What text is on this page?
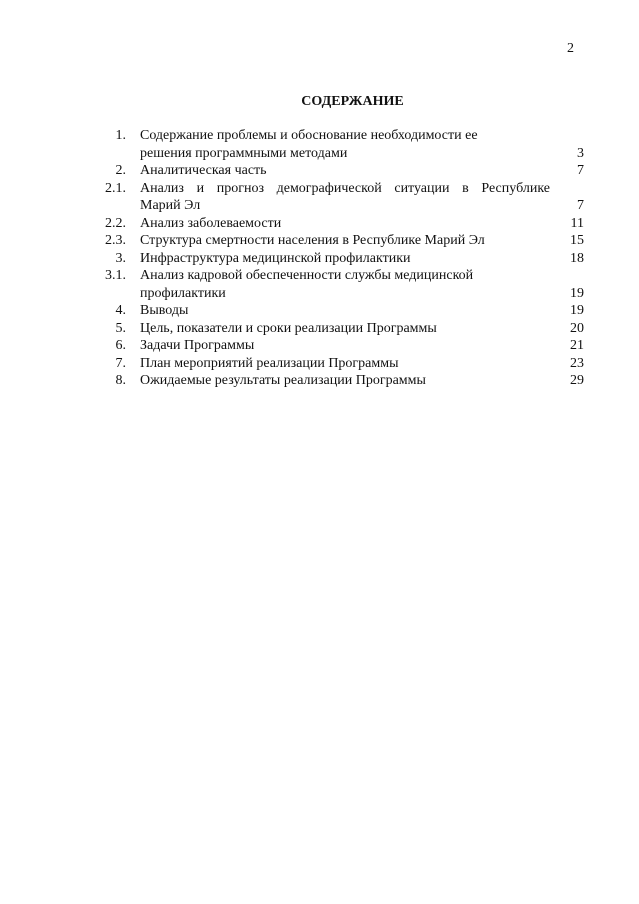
2
СОДЕРЖАНИЕ
1. Содержание проблемы и обоснование необходимости ее
решения программными методами	3
2. Аналитическая часть	7
2.1. Анализ и прогноз демографической ситуации в Республике
Марий Эл	7
2.2. Анализ заболеваемости	11
2.3. Структура смертности населения в Республике Марий Эл	15
3. Инфраструктура медицинской профилактики	18
3.1. Анализ кадровой обеспеченности службы медицинской
профилактики	19
4. Выводы	19
5. Цель, показатели и сроки реализации Программы	20
6. Задачи Программы	21
7. План мероприятий реализации Программы	23
8. Ожидаемые результаты реализации Программы	29
